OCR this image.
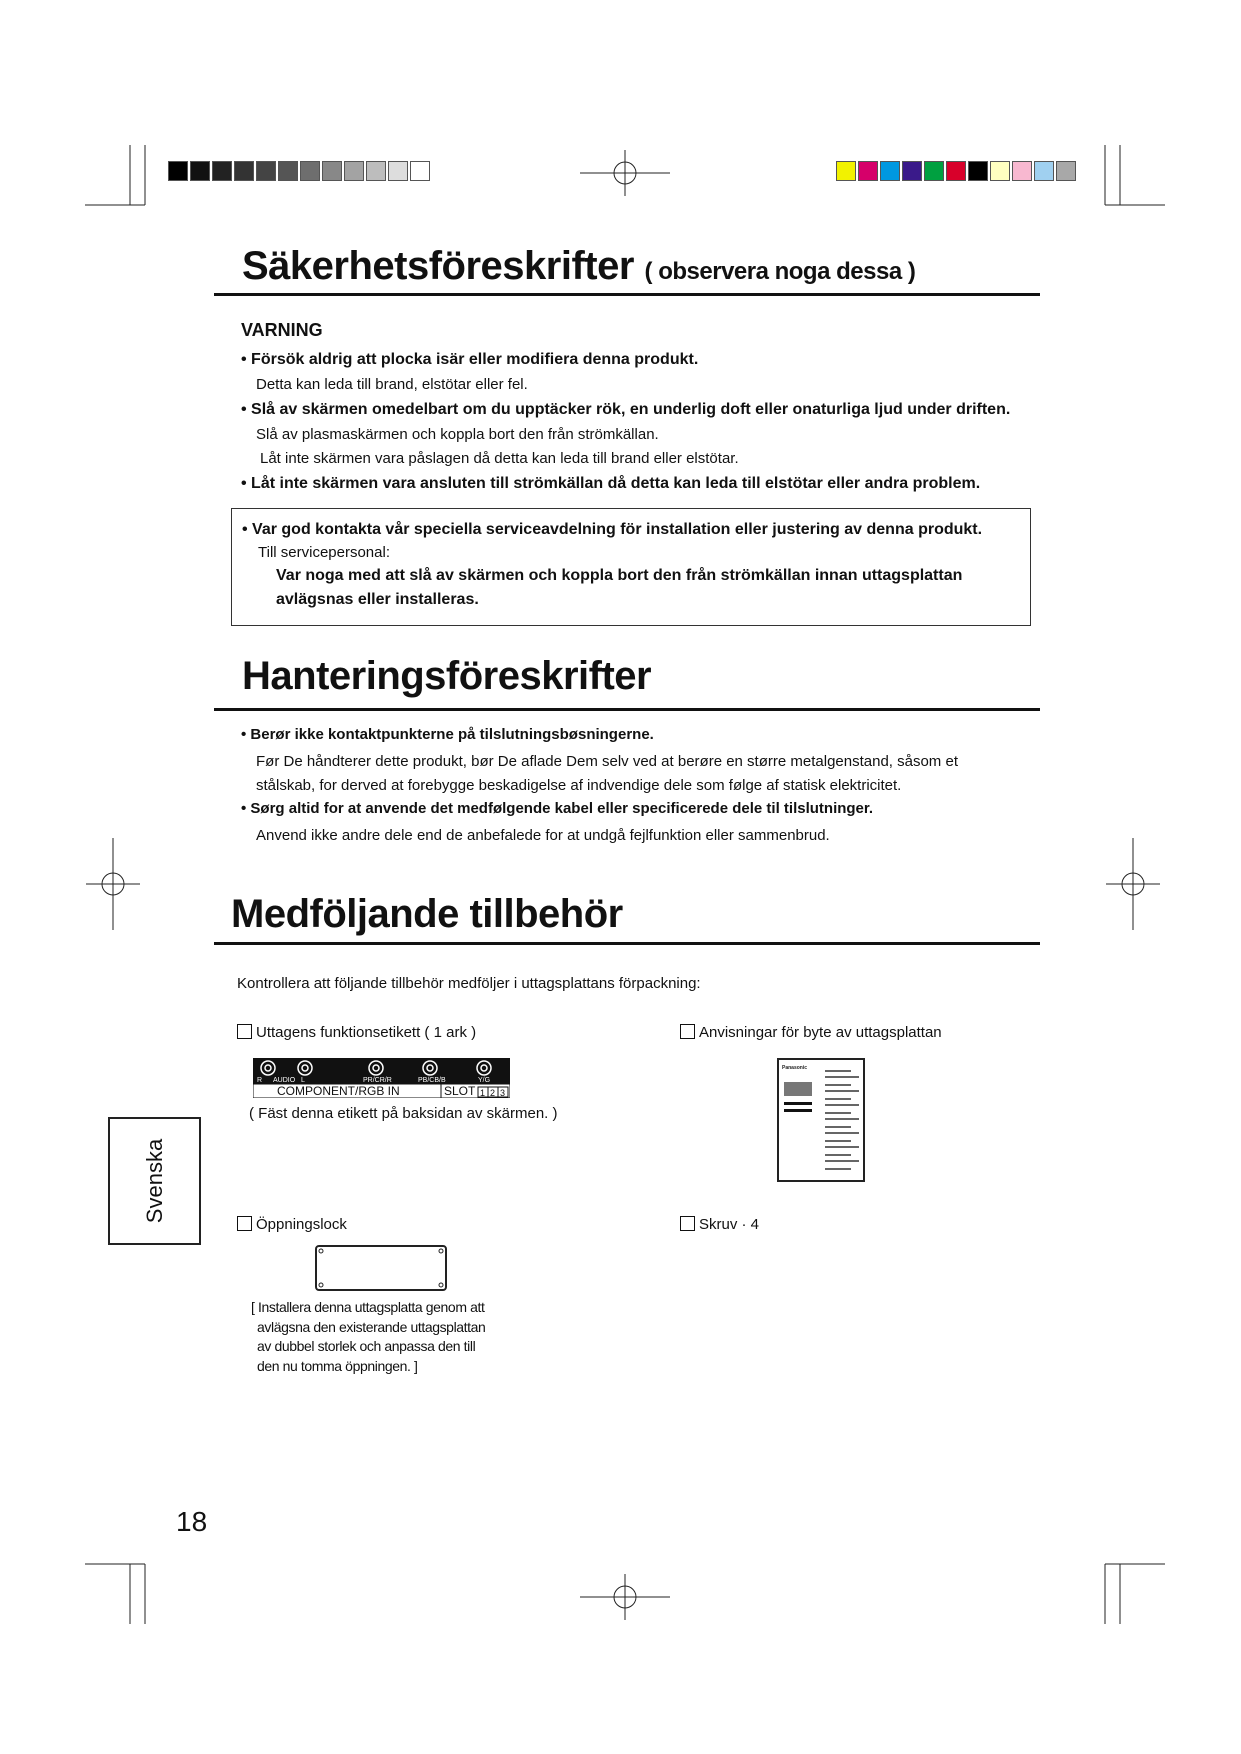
Säkerhetsföreskrifter ( observera noga dessa )
VARNING
• Försök aldrig att plocka isär eller modifiera denna produkt.
Detta kan leda till brand, elstötar eller fel.
• Slå av skärmen omedelbart om du upptäcker rök, en underlig doft eller onaturliga ljud under driften.
Slå av plasmaskärmen och koppla bort den från strömkällan.
Låt inte skärmen vara påslagen då detta kan leda till brand eller elstötar.
• Låt inte skärmen vara ansluten till strömkällan då detta kan leda till elstötar eller andra problem.
• Var god kontakta vår speciella serviceavdelning för installation eller justering av denna produkt.
Till servicepersonal:
Var noga med att slå av skärmen och koppla bort den från strömkällan innan uttagsplattan
avlägsnas eller installeras.
Hanteringsföreskrifter
• Berør ikke kontaktpunkterne på tilslutningsbøsningerne.
Før De håndterer dette produkt, bør De aflade Dem selv ved at berøre en større metalgenstand, såsom et
stålskab, for derved at forebygge beskadigelse af indvendige dele som følge af statisk elektricitet.
• Sørg altid for at anvende det medfølgende kabel eller specificerede dele til tilslutninger.
Anvend ikke andre dele end de anbefalede for at undgå fejlfunktion eller sammenbrud.
Medföljande tillbehör
Kontrollera att följande tillbehör medföljer i uttagsplattans förpackning:
Uttagens funktionsetikett ( 1 ark )
R AUDIO L	PR/CR/R	PB/CB/B	Y/G
COMPONENT/RGB IN	SLOT 1 2 3
( Fäst denna etikett på baksidan av skärmen. )
Anvisningar för byte av uttagsplattan
Panasonic
Öppningslock
[ Installera denna uttagsplatta genom att
avlägsna den existerande uttagsplattan
av dubbel storlek och anpassa den till
den nu tomma öppningen. ]
Skruv · 4
Svenska
18
